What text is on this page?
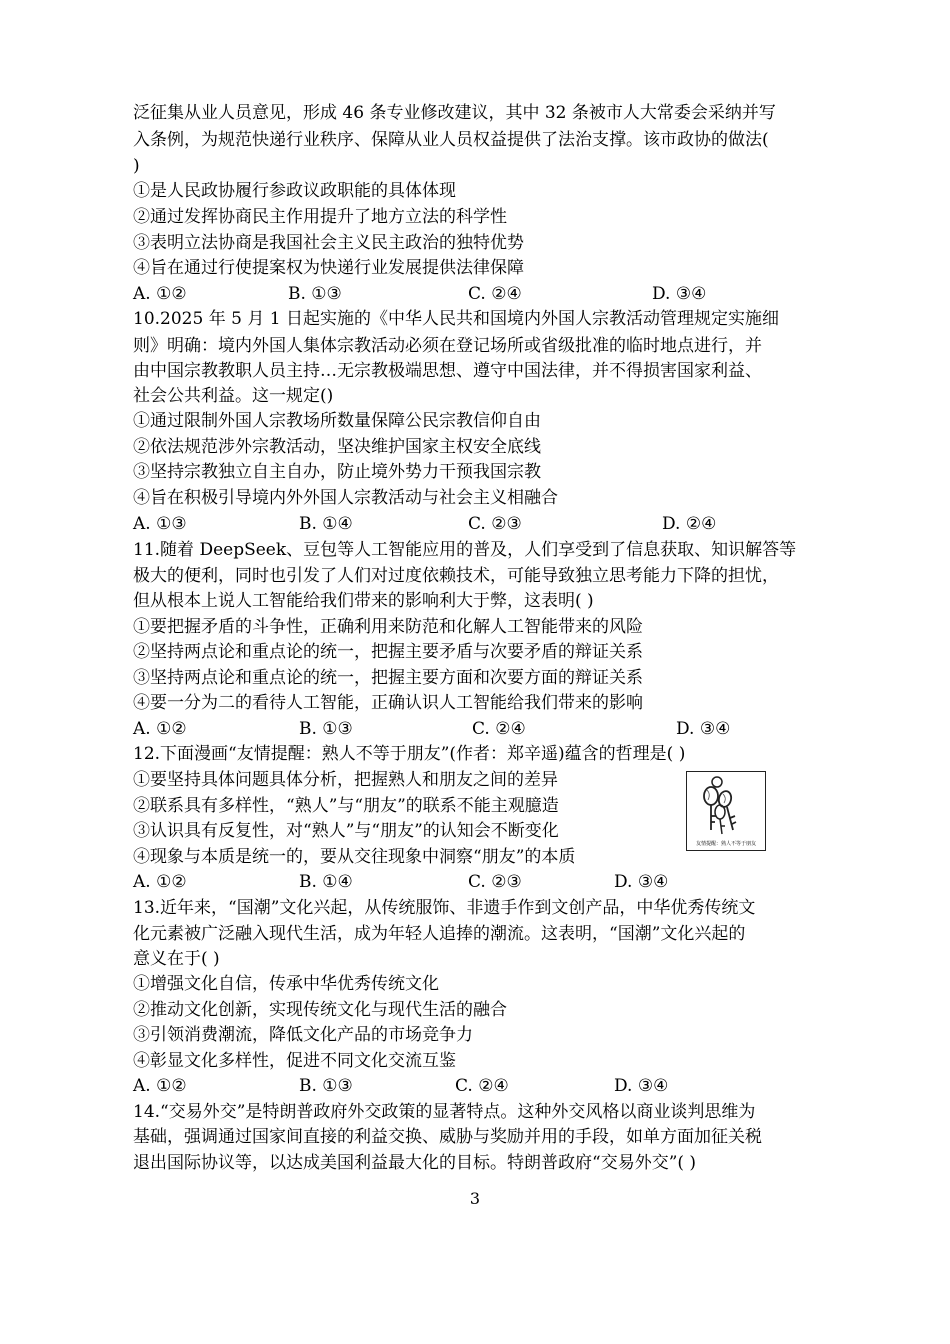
泛征集从业人员意见，形成 46 条专业修改建议，其中 32 条被市人大常委会采纳并写
入条例，为规范快递行业秩序、保障从业人员权益提供了法治支撑。该市政协的做法(
)
①是人民政协履行参政议政职能的具体体现
②通过发挥协商民主作用提升了地方立法的科学性
③表明立法协商是我国社会主义民主政治的独特优势
④旨在通过行使提案权为快递行业发展提供法律保障
A. ①②	B. ①③	C. ②④	D. ③④
10.2025 年 5 月 1 日起实施的《中华人民共和国境内外国人宗教活动管理规定实施细
则》明确：境内外国人集体宗教活动必须在登记场所或省级批准的临时地点进行，并
由中国宗教教职人员主持…无宗教极端思想、遵守中国法律，并不得损害国家利益、
社会公共利益。这一规定()
①通过限制外国人宗教场所数量保障公民宗教信仰自由
②依法规范涉外宗教活动，坚决维护国家主权安全底线
③坚持宗教独立自主自办，防止境外势力干预我国宗教
④旨在积极引导境内外外国人宗教活动与社会主义相融合
A. ①③	B. ①④	C. ②③	D. ②④
11.随着 DeepSeek、豆包等人工智能应用的普及，人们享受到了信息获取、知识解答等
极大的便利，同时也引发了人们对过度依赖技术，可能导致独立思考能力下降的担忧，
但从根本上说人工智能给我们带来的影响利大于弊，这表明( )
①要把握矛盾的斗争性，正确利用来防范和化解人工智能带来的风险
②坚持两点论和重点论的统一，把握主要矛盾与次要矛盾的辩证关系
③坚持两点论和重点论的统一，把握主要方面和次要方面的辩证关系
④要一分为二的看待人工智能，正确认识人工智能给我们带来的影响
A. ①②	B. ①③	C. ②④	D. ③④
12.下面漫画“友情提醒：熟人不等于朋友”(作者：郑辛遥)蕴含的哲理是( )
①要坚持具体问题具体分析，把握熟人和朋友之间的差异
②联系具有多样性，“熟人”与“朋友”的联系不能主观臆造
③认识具有反复性，对“熟人”与“朋友”的认知会不断变化
④现象与本质是统一的，要从交往现象中洞察“朋友”的本质
A. ①②	B. ①④	C. ②③	D. ③④
友情提醒：熟人不等于朋友
13.近年来，“国潮”文化兴起，从传统服饰、非遗手作到文创产品，中华优秀传统文
化元素被广泛融入现代生活，成为年轻人追捧的潮流。这表明，“国潮”文化兴起的
意义在于( )
①增强文化自信，传承中华优秀传统文化
②推动文化创新，实现传统文化与现代生活的融合
③引领消费潮流，降低文化产品的市场竞争力
④彰显文化多样性，促进不同文化交流互鉴
A. ①②	B. ①③	C. ②④	D. ③④
14.“交易外交”是特朗普政府外交政策的显著特点。这种外交风格以商业谈判思维为
基础，强调通过国家间直接的利益交换、威胁与奖励并用的手段，如单方面加征关税
退出国际协议等，以达成美国利益最大化的目标。特朗普政府“交易外交”( )
3
